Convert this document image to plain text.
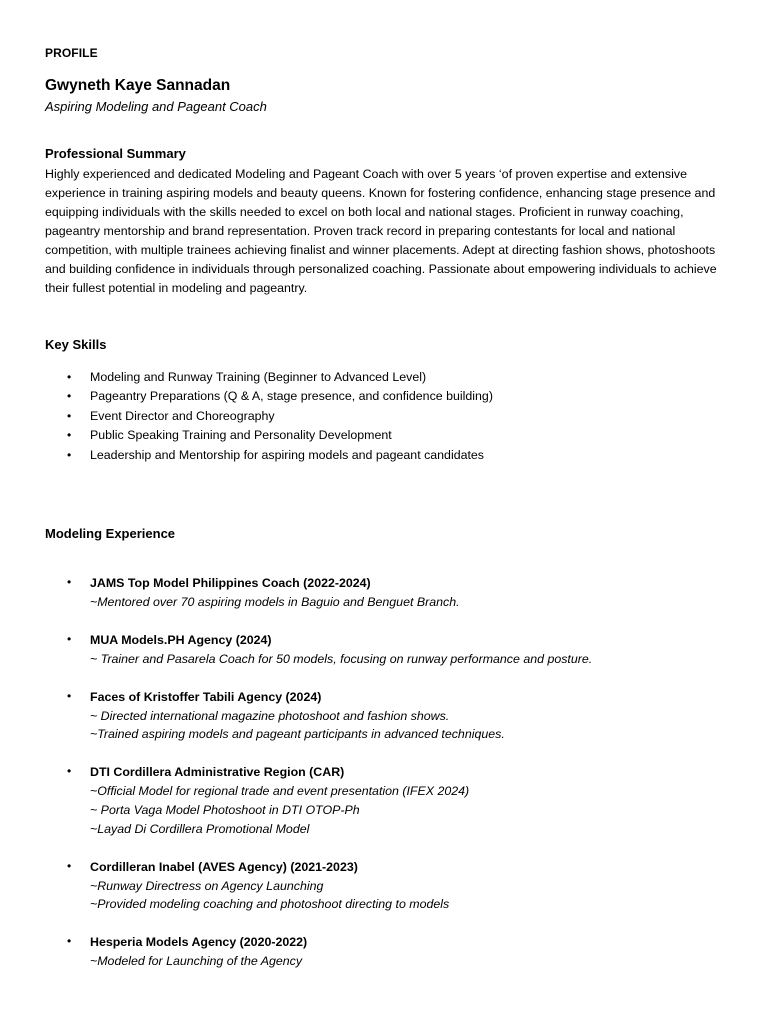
PROFILE
Gwyneth Kaye Sannadan
Aspiring Modeling and Pageant Coach
Professional Summary

Highly experienced and dedicated Modeling and Pageant Coach with over 5 years ‘of proven expertise and extensive experience in training aspiring models and beauty queens. Known for fostering confidence, enhancing stage presence and equipping individuals with the skills needed to excel on both local and national stages. Proficient in runway coaching, pageantry mentorship and brand representation. Proven track record in preparing contestants for local and national competition, with multiple trainees achieving finalist and winner placements. Adept at directing fashion shows, photoshoots and building confidence in individuals through personalized coaching. Passionate about empowering individuals to achieve their fullest potential in modeling and pageantry.

Key Skills
• Modeling and Runway Training (Beginner to Advanced Level)
• Pageantry Preparations (Q & A, stage presence, and confidence building)
• Event Director and Choreography
• Public Speaking Training and Personality Development
• Leadership and Mentorship for aspiring models and pageant candidates
Modeling Experience
• JAMS Top Model Philippines Coach (2022-2024)
~Mentored over 70 aspiring models in Baguio and Benguet Branch.
• MUA Models.PH Agency (2024)
~ Trainer and Pasarela Coach for 50 models, focusing on runway performance and posture.
• Faces of Kristoffer Tabili Agency (2024)
~ Directed international magazine photoshoot and fashion shows.
~Trained aspiring models and pageant participants in advanced techniques.
• DTI Cordillera Administrative Region (CAR)
~Official Model for regional trade and event presentation (IFEX 2024)
~ Porta Vaga Model Photoshoot in DTI OTOP-Ph
~Layad Di Cordillera Promotional Model
• Cordilleran Inabel (AVES Agency) (2021-2023)
~Runway Directress on Agency Launching
~Provided modeling coaching and photoshoot directing to models
• Hesperia Models Agency (2020-2022)
~Modeled for Launching of the Agency
